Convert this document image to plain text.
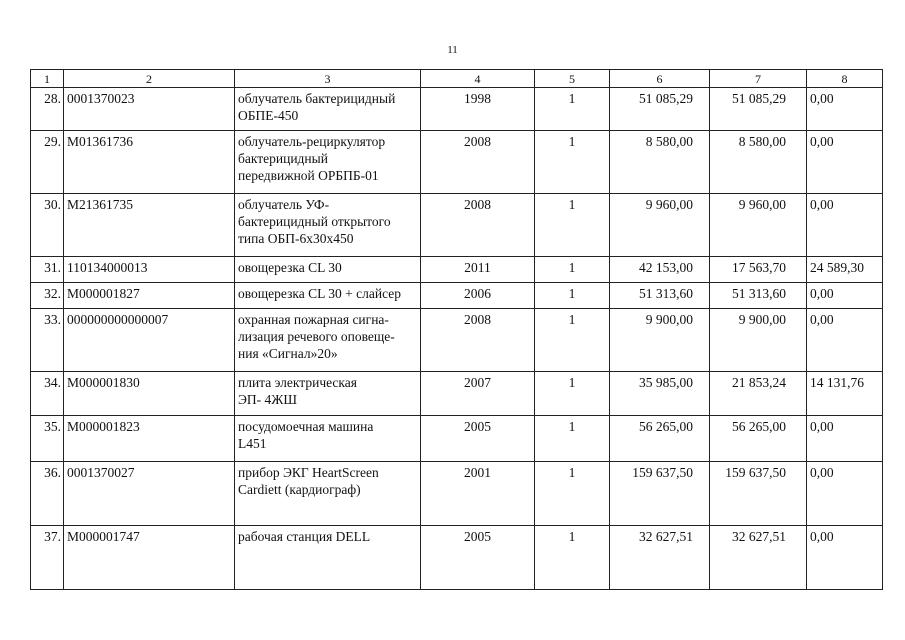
11
1	2	3	4	5	6	7	8
28.	0001370023	облучатель бактерицидный
ОБПЕ-450	1998	1	51 085,29	51 085,29	0,00
29.	М01361736	облучатель-рециркулятор
бактерицидный
передвижной ОРБПБ-01	2008	1	8 580,00	8 580,00	0,00
30.	М21361735	облучатель УФ-
бактерицидный открытого
типа ОБП-6х30х450	2008	1	9 960,00	9 960,00	0,00
31.	110134000013	овощерезка CL 30	2011	1	42 153,00	17 563,70	24 589,30
32.	М000001827	овощерезка CL 30 + слайсер	2006	1	51 313,60	51 313,60	0,00
33.	000000000000007	охранная пожарная сигна-
лизация речевого оповеще-
ния «Сигнал»20»	2008	1	9 900,00	9 900,00	0,00
34.	М000001830	плита электрическая
ЭП- 4ЖШ	2007	1	35 985,00	21 853,24	14 131,76
35.	М000001823	посудомоечная машина
L451	2005	1	56 265,00	56 265,00	0,00
36.	0001370027	прибор ЭКГ HeartScreen
Cardiett (кардиограф)	2001	1	159 637,50	159 637,50	0,00
37.	М000001747	рабочая станция DELL	2005	1	32 627,51	32 627,51	0,00
